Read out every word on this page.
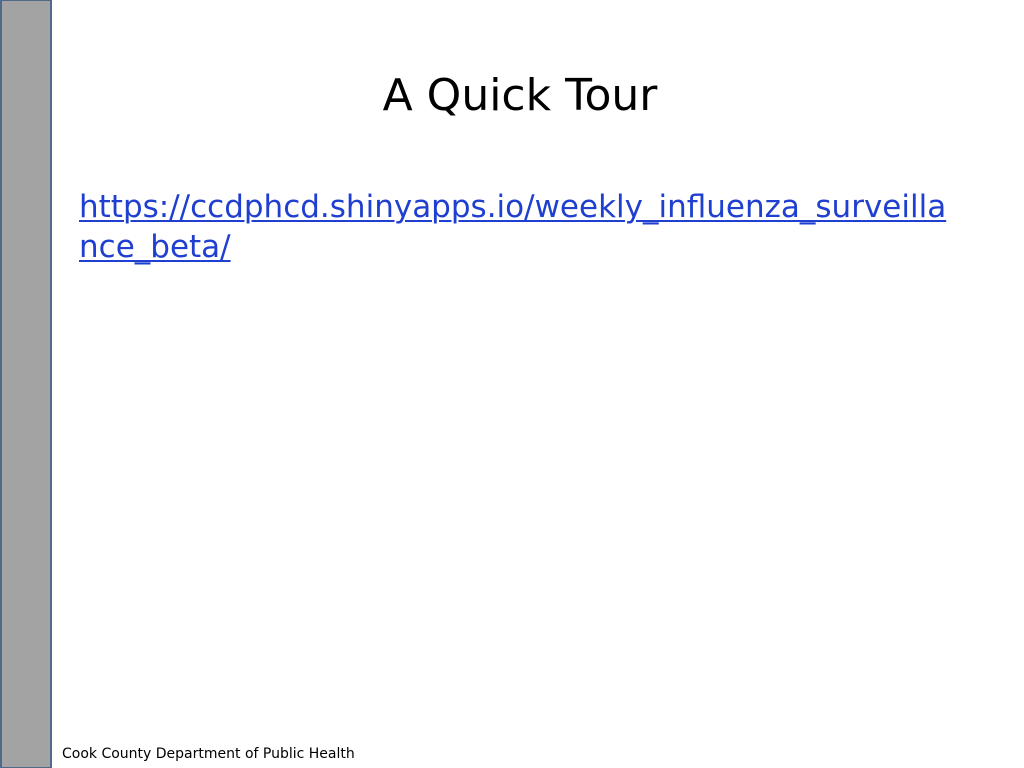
A Quick Tour
https://ccdphcd.shinyapps.io/weekly_influenza_surveillance_beta/
Cook County Department of Public Health
